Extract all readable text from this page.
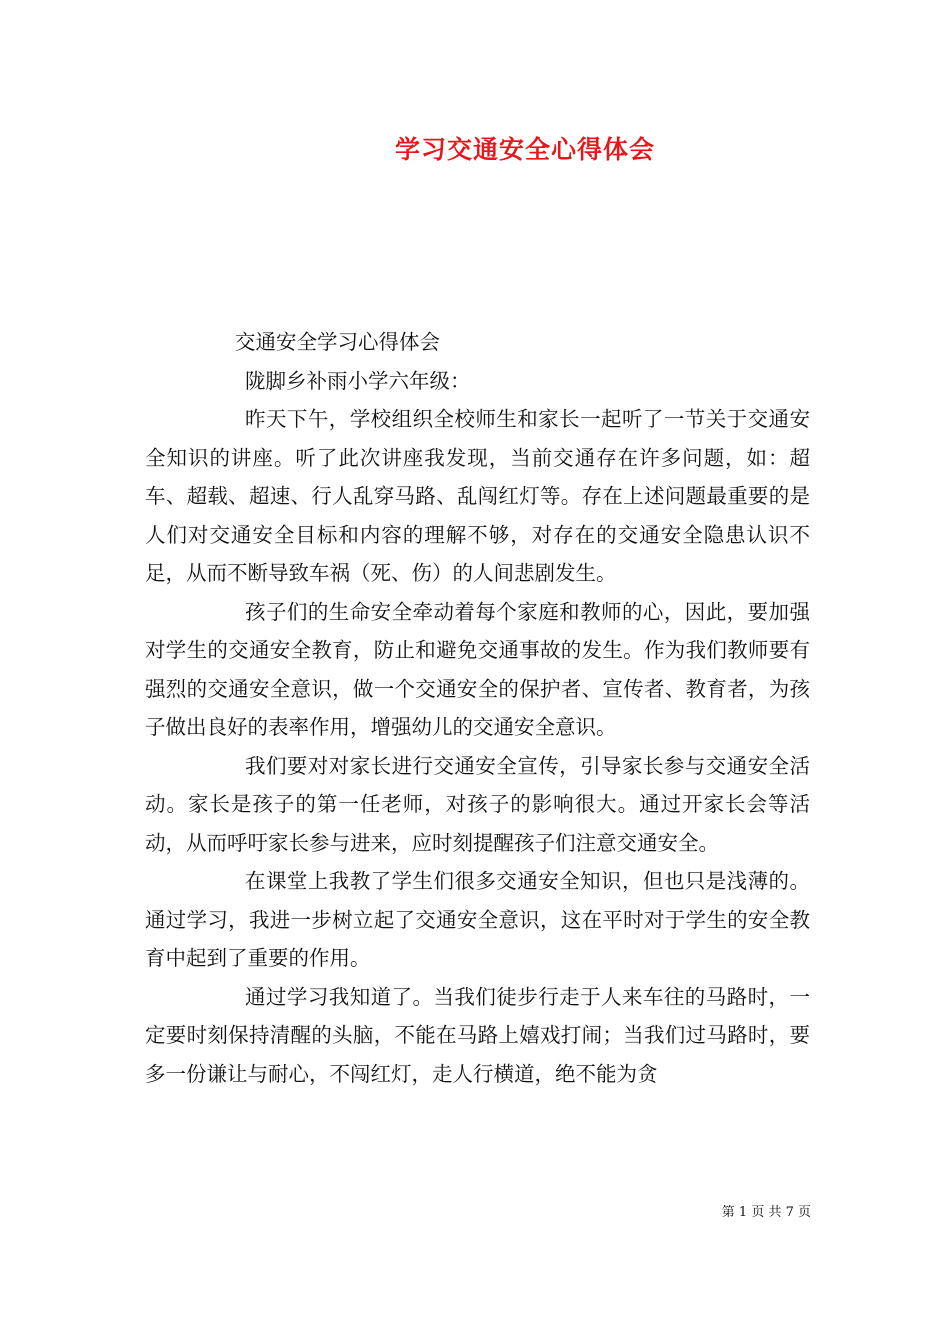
学习交通安全心得体会

交通安全学习心得体会

陇脚乡补雨小学六年级：

昨天下午，学校组织全校师生和家长一起听了一节关于交通安全知识的讲座。听了此次讲座我发现，当前交通存在许多问题，如：超车、超载、超速、行人乱穿马路、乱闯红灯等。存在上述问题最重要的是人们对交通安全目标和内容的理解不够，对存在的交通安全隐患认识不足，从而不断导致车祸（死、伤）的人间悲剧发生。

孩子们的生命安全牵动着每个家庭和教师的心，因此，要加强对学生的交通安全教育，防止和避免交通事故的发生。作为我们教师要有强烈的交通安全意识，做一个交通安全的保护者、宣传者、教育者，为孩子做出良好的表率作用，增强幼儿的交通安全意识。

我们要对对家长进行交通安全宣传，引导家长参与交通安全活动。家长是孩子的第一任老师，对孩子的影响很大。通过开家长会等活动，从而呼吁家长参与进来，应时刻提醒孩子们注意交通安全。

在课堂上我教了学生们很多交通安全知识，但也只是浅薄的。通过学习，我进一步树立起了交通安全意识，这在平时对于学生的安全教育中起到了重要的作用。

通过学习我知道了。当我们徒步行走于人来车往的马路时，一定要时刻保持清醒的头脑，不能在马路上嬉戏打闹；当我们过马路时，要多一份谦让与耐心，不闯红灯，走人行横道，绝不能为贪

第 1 页 共 7 页
